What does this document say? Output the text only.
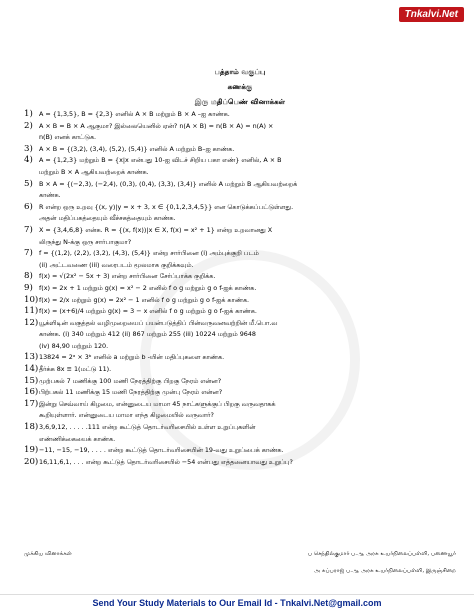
Tnkalvi.Net
பத்தாம் வகுப்பு
கணக்கு
இரு மதிப்பெண் வினாக்கள்
1) A = {1,3,5}, B = {2,3} எனில் A × B மற்றும் B × A –ஐ காண்க.
2) A × B = B × A ஆகுமா? இல்லையெனில் ஏன்? n(A × B) = n(B × A) = n(A) ×
n(B) எனக் காட்டுக.
3) A × B = {(3,2), (3,4), (5,2), (5,4)} எனில் A மற்றும் B–ஐ காண்க.
4) A = {1,2,3} மற்றும் B = {x|x என்பது 10-ஐ விடச் சிறிய பகா எண்} எனில், A × B
மற்றும் B × A ஆகியவற்றைக் காண்க.
5) B × A = {(−2,3), (−2,4), (0,3), (0,4), (3,3), (3,4)} எனில் A மற்றும் B ஆகியவற்றைக்
காண்க.
6) R என்ற ஒரு உறவு {(x, y)|y = x + 3, x ∈ {0,1,2,3,4,5}} என கொடுக்கப்பட்டுள்ளது.
அதன் மதிப்பகத்தையும் வீச்சகத்தையும் காண்க.
7) X = {3,4,6,8} என்க. R = {(x, f(x))|x ∈ X, f(x) = x² + 1} என்ற உறவானது X
லிருந்து N-க்கு ஒரு சார்பாகுமா?
7) f = {(1,2), (2,2), (3,2), (4,3), (5,4)} என்ற சார்பினை (i) அம்புக்குறி படம்
(ii) அட்டவணை (iii) வரைபடம் மூலமாக குறிக்கவும்.
8) f(x) = √(2x² − 5x + 3) என்ற சார்பினை சேர்ப்பாக்க குறிக்க.
9) f(x) = 2x + 1 மற்றும் g(x) = x² − 2 எனில் f o g மற்றும் g o f-ஐக் காண்க.
10) f(x) = 2/x மற்றும் g(x) = 2x² − 1 எனில் f o g மற்றும் g o f-ஐக் காண்க.
11) f(x) = (x+6)/4 மற்றும் g(x) = 3 − x எனில் f o g மற்றும் g o f-ஐக் காண்க.
12) யூக்ளிடின் வகுத்தல் வழிமுறையைப் பயன்படுத்திப் பின்வருவனவற்றின் மீ.பொ.வ
காண்க. (i) 340 மற்றும் 412 (ii) 867 மற்றும் 255 (iii) 10224 மற்றும் 9648
(iv) 84,90 மற்றும் 120.
13) 13824 = 2ᵃ × 3ᵇ எனில் a மற்றும் b -யின் மதிப்புகளை காண்க.
14) தீர்க்க 8x ≡ 1(மட்டு 11).
15) முற்பகல் 7 மணிக்கு 100 மணி நேரத்திற்கு பிறகு நேரம் என்ன?
16) பிற்பகல் 11 மணிக்கு 15 மணி நேரத்திற்கு முன்பு நேரம் என்ன?
17) இன்று செவ்வாய் கிழமை, என்னுடைய மாமா 45 நாட்களுக்குப் பிறகு வருவதாகக்
கூறியுள்ளார். என்னுடைய மாமா எந்த கிழமையில் வருவார்?
18) 3,6,9,12, . . . . .111 என்ற கூட்டுத் தொடர்வரிசையில் உள்ள உறுப்புகளின்
எண்ணிக்கையைக் காண்க.
19) −11, −15, −19, . . . . என்ற கூட்டுத் தொடர்வரிசையின் 19-வது உறுப்பைக் காண்க.
20) 16,11,6,1, . . . என்ற கூட்டுத் தொடர்வரிசையில் −54 என்பது எத்தனையாவது உறுப்பு?
முக்கிய வினாக்கள்	ப செந்தில்குமார் ப.ஆ அரசு உயர்நிலைப்பள்ளி, பணையூர்
அ சுப்பராஜ் ப.ஆ அரசு உயர்நிலைப்பள்ளி, இருஞ்சிறை
Send Your Study Materials to Our Email Id - Tnkalvi.Net@gmail.com
